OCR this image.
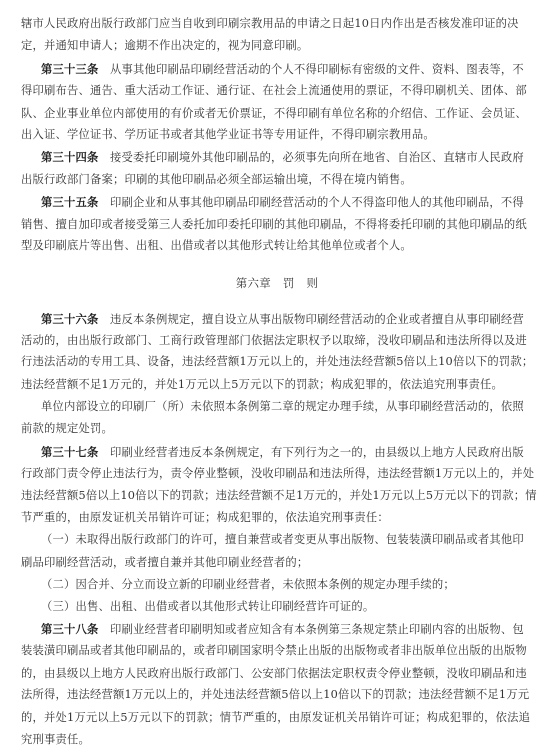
辖市人民政府出版行政部门应当自收到印刷宗教用品的申请之日起10日内作出是否核发准印证的决
定，并通知申请人；逾期不作出决定的，视为同意印刷。
第三十三条　从事其他印刷品印刷经营活动的个人不得印刷标有密级的文件、资料、图表等，不
得印刷布告、通告、重大活动工作证、通行证、在社会上流通使用的票证，不得印刷机关、团体、部
队、企业事业单位内部使用的有价或者无价票证，不得印刷有单位名称的介绍信、工作证、会员证、
出入证、学位证书、学历证书或者其他学业证书等专用证件，不得印刷宗教用品。
第三十四条　接受委托印刷境外其他印刷品的，必须事先向所在地省、自治区、直辖市人民政府
出版行政部门备案；印刷的其他印刷品必须全部运输出境，不得在境内销售。
第三十五条　印刷企业和从事其他印刷品印刷经营活动的个人不得盗印他人的其他印刷品，不得
销售、擅自加印或者接受第三人委托加印委托印刷的其他印刷品，不得将委托印刷的其他印刷品的纸
型及印刷底片等出售、出租、出借或者以其他形式转让给其他单位或者个人。
第六章　罚　则
第三十六条　违反本条例规定，擅自设立从事出版物印刷经营活动的企业或者擅自从事印刷经营
活动的，由出版行政部门、工商行政管理部门依据法定职权予以取缔，没收印刷品和违法所得以及进
行违法活动的专用工具、设备，违法经营额1万元以上的，并处违法经营额5倍以上10倍以下的罚款；
违法经营额不足1万元的，并处1万元以上5万元以下的罚款；构成犯罪的，依法追究刑事责任。
单位内部设立的印刷厂（所）未依照本条例第二章的规定办理手续，从事印刷经营活动的，依照
前款的规定处罚。
第三十七条　印刷业经营者违反本条例规定，有下列行为之一的，由县级以上地方人民政府出版
行政部门责令停止违法行为，责令停业整顿，没收印刷品和违法所得，违法经营额1万元以上的，并处
违法经营额5倍以上10倍以下的罚款；违法经营额不足1万元的，并处1万元以上5万元以下的罚款；情
节严重的，由原发证机关吊销许可证；构成犯罪的，依法追究刑事责任：
（一）未取得出版行政部门的许可，擅自兼营或者变更从事出版物、包装装潢印刷品或者其他印
刷品印刷经营活动，或者擅自兼并其他印刷业经营者的；
（二）因合并、分立而设立新的印刷业经营者，未依照本条例的规定办理手续的；
（三）出售、出租、出借或者以其他形式转让印刷经营许可证的。
第三十八条　印刷业经营者印刷明知或者应知含有本条例第三条规定禁止印刷内容的出版物、包
装装潢印刷品或者其他印刷品的，或者印刷国家明令禁止出版的出版物或者非出版单位出版的出版物
的，由县级以上地方人民政府出版行政部门、公安部门依据法定职权责令停业整顿，没收印刷品和违
法所得，违法经营额1万元以上的，并处违法经营额5倍以上10倍以下的罚款；违法经营额不足1万元
的，并处1万元以上5万元以下的罚款；情节严重的，由原发证机关吊销许可证；构成犯罪的，依法追
究刑事责任。
